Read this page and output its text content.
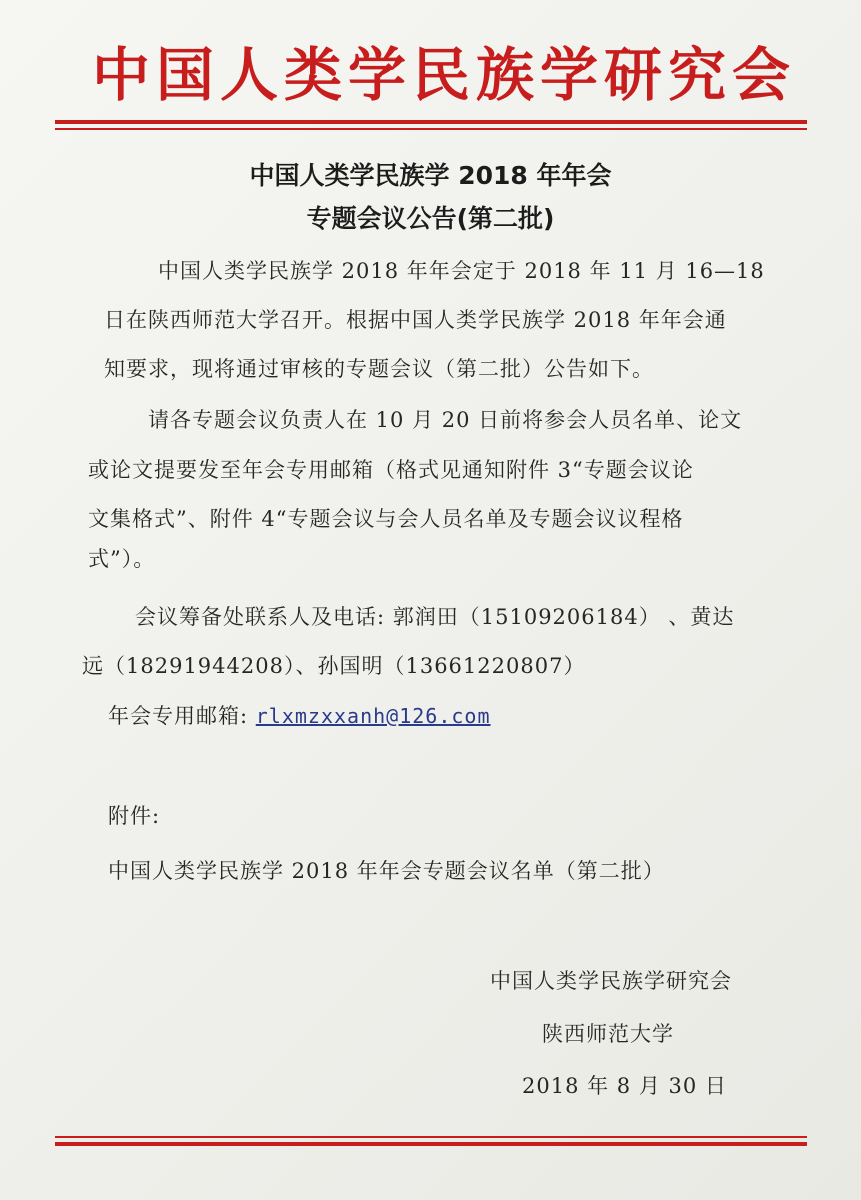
中国人类学民族学研究会
中国人类学民族学 2018 年年会
专题会议公告(第二批)
中国人类学民族学 2018 年年会定于 2018 年 11 月 16—18
日在陕西师范大学召开。根据中国人类学民族学 2018 年年会通
知要求，现将通过审核的专题会议（第二批）公告如下。
请各专题会议负责人在 10 月 20 日前将参会人员名单、论文
或论文提要发至年会专用邮箱（格式见通知附件 3“专题会议论
文集格式”、附件 4“专题会议与会人员名单及专题会议议程格
式”）。
会议筹备处联系人及电话: 郭润田（15109206184） 、黄达
远（18291944208）、孙国明（13661220807）
年会专用邮箱: rlxmzxxanh@126.com
附件:
中国人类学民族学 2018 年年会专题会议名单（第二批）
中国人类学民族学研究会
陕西师范大学
2018 年 8 月 30 日
